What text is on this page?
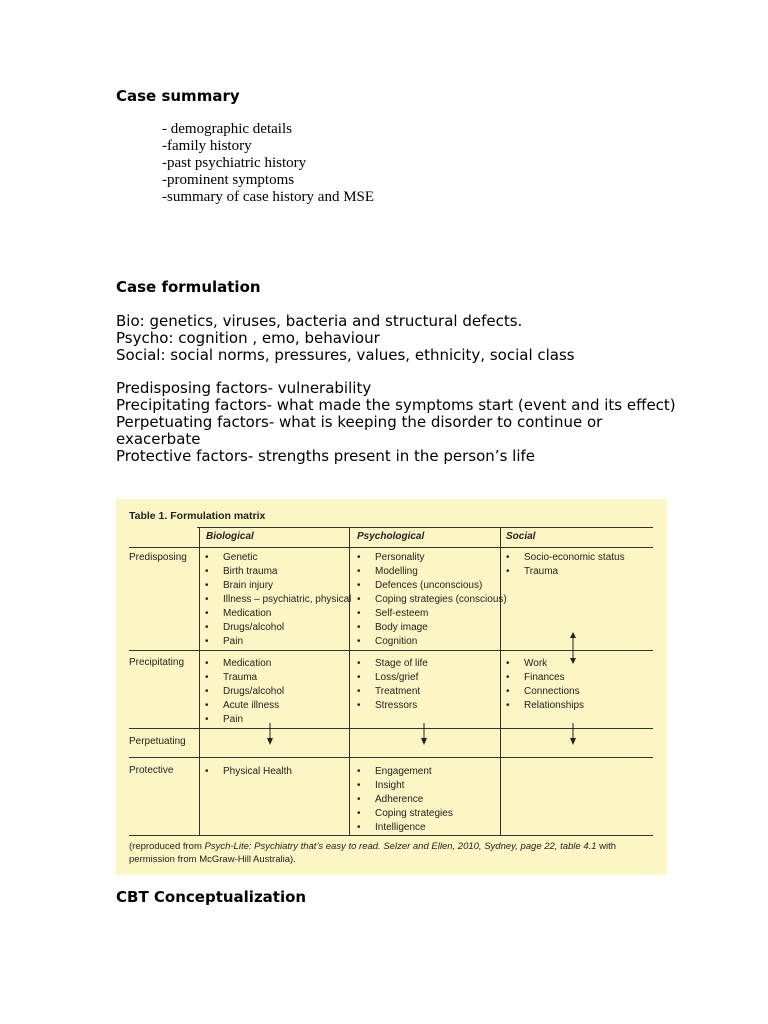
Case summary
- demographic details
-family history
-past psychiatric history
-prominent symptoms
-summary of case history and MSE
Case formulation

Bio: genetics, viruses, bacteria and structural defects.

Psycho: cognition , emo, behaviour

Social: social norms, pressures, values, ethnicity, social class

Predisposing factors- vulnerability

Precipitating factors- what made the symptoms start (event and its effect)

Perpetuating factors- what is keeping the disorder to continue or exacerbate

Protective factors- strengths present in the person’s life

Table 1. Formulation matrix

Biological	Psychological	Social
Predisposing
Precipitating
Perpetuating
Protective
• Genetic
• Birth trauma
• Brain injury
• Illness – psychiatric, physical
• Medication
• Drugs/alcohol
• Pain
• Personality
• Modelling
• Defences (unconscious)
• Coping strategies (conscious)
• Self-esteem
• Body image
• Cognition
• Socio-economic status
• Trauma
• Medication
• Trauma
• Drugs/alcohol
• Acute illness
• Pain
• Stage of life
• Loss/grief
• Treatment
• Stressors
• Work
• Finances
• Connections
• Relationships
• Physical Health
•	Engagement
• Insight
• Adherence
• Coping strategies
• Intelligence

(reproduced from Psych-Lite: Psychiatry that’s easy to read. Selzer and Ellen, 2010, Sydney, page 22, table 4.1 with permission from McGraw-Hill Australia).

CBT Conceptualization
